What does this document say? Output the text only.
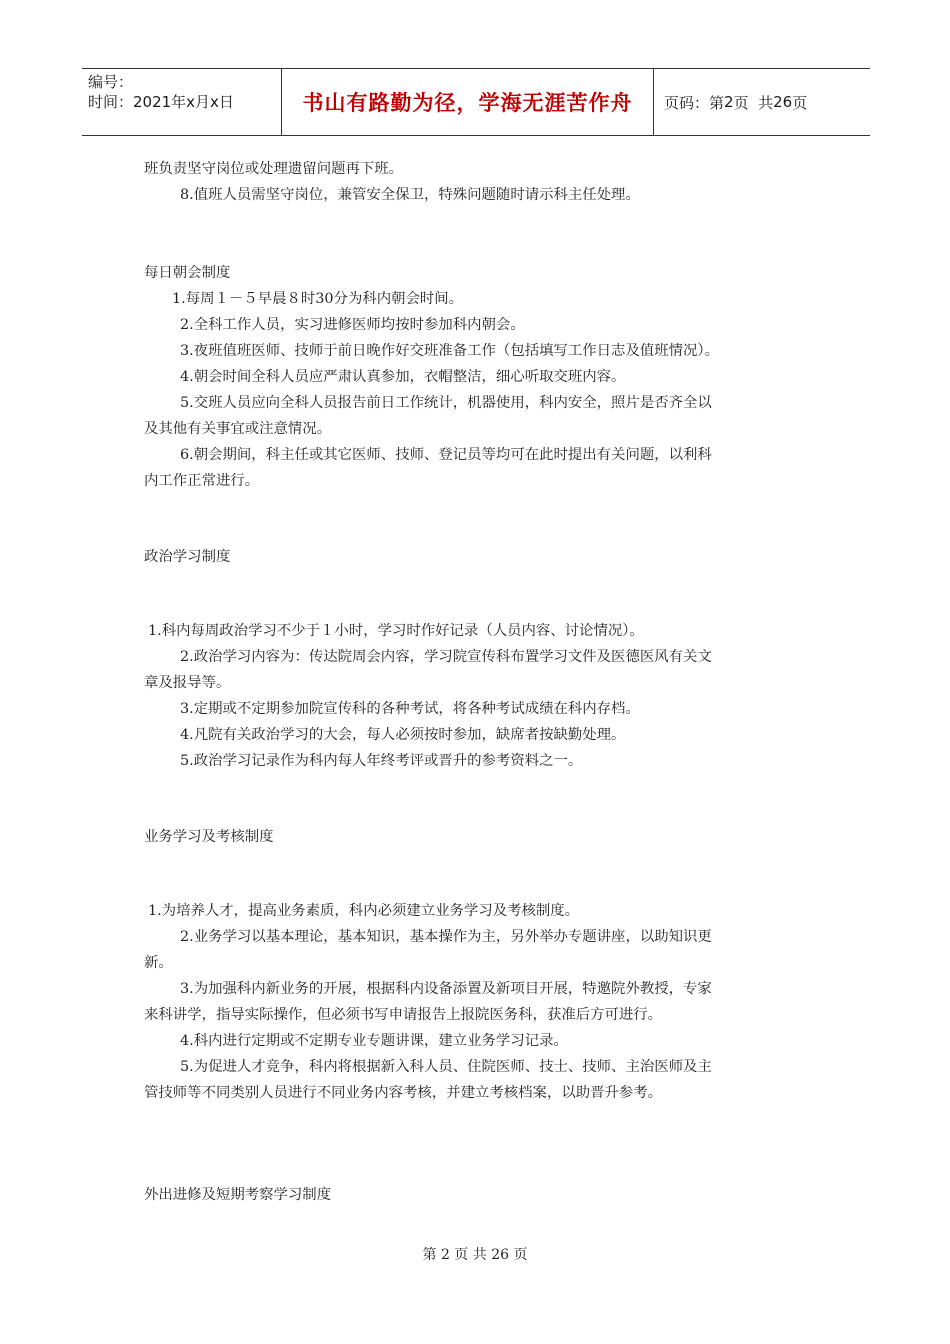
编号：
时间：2021年x月x日	书山有路勤为径，学海无涯苦作舟	页码：第 2 页  共 26 页

班负责坚守岗位或处理遗留问题再下班。

8.值班人员需坚守岗位，兼管安全保卫，特殊问题随时请示科主任处理。

每日朝会制度

1.每周１－５早晨８时30分为科内朝会时间。

2.全科工作人员，实习进修医师均按时参加科内朝会。

3.夜班值班医师、技师于前日晚作好交班准备工作（包括填写工作日志及值班情况）。

4.朝会时间全科人员应严肃认真参加，衣帽整洁，细心听取交班内容。

5.交班人员应向全科人员报告前日工作统计，机器使用，科内安全，照片是否齐全以

及其他有关事宜或注意情况。

6.朝会期间，科主任或其它医师、技师、登记员等均可在此时提出有关问题，以利科

内工作正常进行。

政治学习制度

1.科内每周政治学习不少于１小时，学习时作好记录（人员内容、讨论情况）。

2.政治学习内容为：传达院周会内容，学习院宣传科布置学习文件及医德医风有关文

章及报导等。

3.定期或不定期参加院宣传科的各种考试，将各种考试成绩在科内存档。

4.凡院有关政治学习的大会，每人必须按时参加，缺席者按缺勤处理。

5.政治学习记录作为科内每人年终考评或晋升的参考资料之一。

业务学习及考核制度

1.为培养人才，提高业务素质，科内必须建立业务学习及考核制度。

2.业务学习以基本理论，基本知识，基本操作为主，另外举办专题讲座，以助知识更

新。

3.为加强科内新业务的开展，根据科内设备添置及新项目开展，特邀院外教授，专家

来科讲学，指导实际操作，但必须书写申请报告上报院医务科，获准后方可进行。

4.科内进行定期或不定期专业专题讲课，建立业务学习记录。

5.为促进人才竞争，科内将根据新入科人员、住院医师、技士、技师、主治医师及主

管技师等不同类别人员进行不同业务内容考核，并建立考核档案，以助晋升参考。

外出进修及短期考察学习制度
第 2 页 共 26 页
